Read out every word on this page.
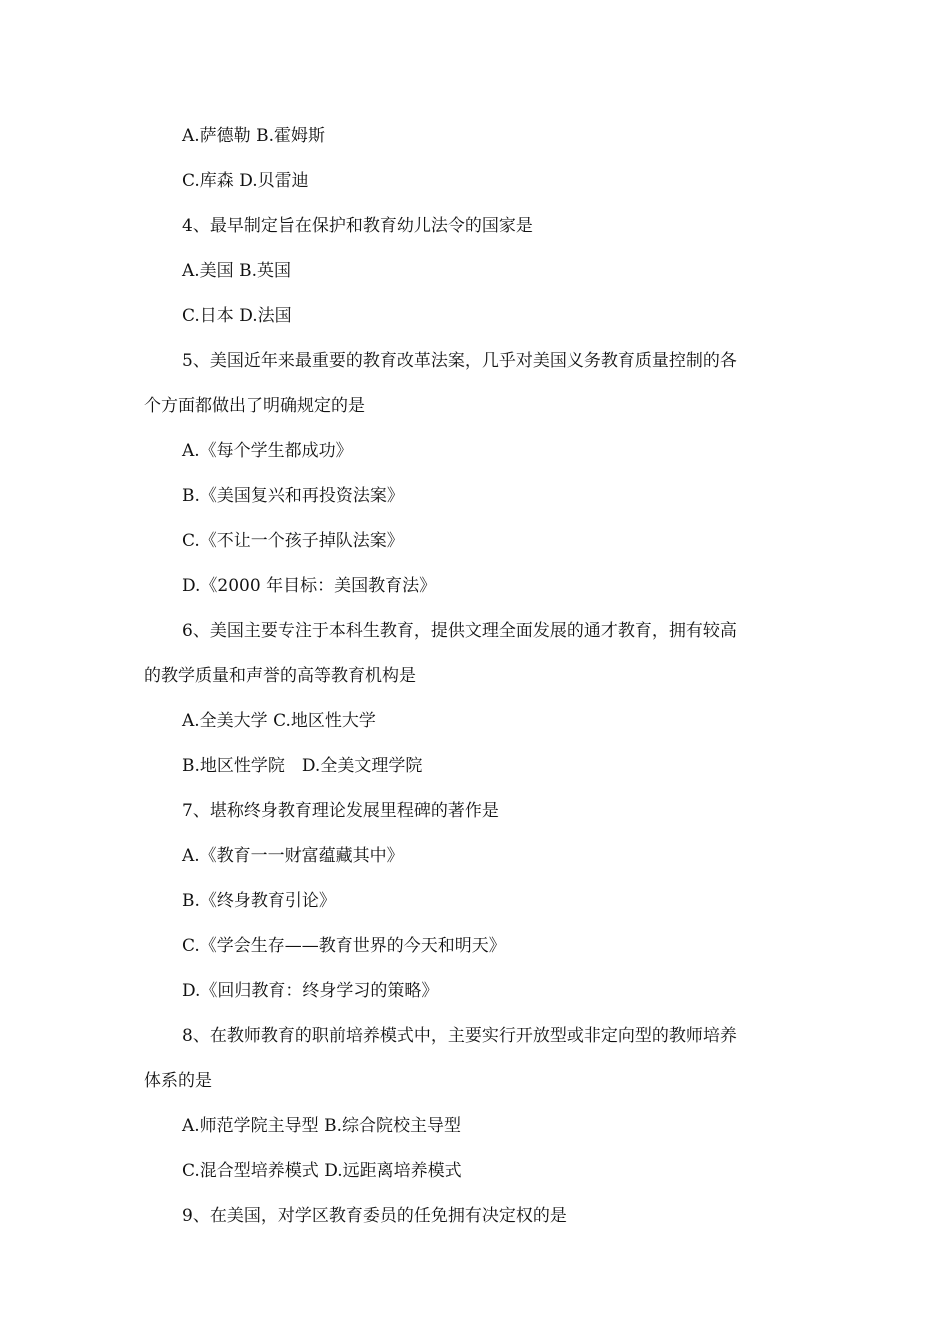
A.萨德勒 B.霍姆斯
C.库森 D.贝雷迪
4、最早制定旨在保护和教育幼儿法令的国家是
A.美国 B.英国
C.日本 D.法国
5、美国近年来最重要的教育改革法案，几乎对美国义务教育质量控制的各
个方面都做出了明确规定的是
A.《每个学生都成功》
B.《美国复兴和再投资法案》
C.《不让一个孩子掉队法案》
D.《2000 年目标：美国教育法》
6、美国主要专注于本科生教育，提供文理全面发展的通才教育，拥有较高
的教学质量和声誉的高等教育机构是
A.全美大学 C.地区性大学
B.地区性学院　D.全美文理学院
7、堪称终身教育理论发展里程碑的著作是
A.《教育一一财富蕴藏其中》
B.《终身教育引论》
C.《学会生存——教育世界的今天和明天》
D.《回归教育：终身学习的策略》
8、在教师教育的职前培养模式中，主要实行开放型或非定向型的教师培养
体系的是
A.师范学院主导型 B.综合院校主导型
C.混合型培养模式 D.远距离培养模式
9、在美国，对学区教育委员的任免拥有决定权的是
